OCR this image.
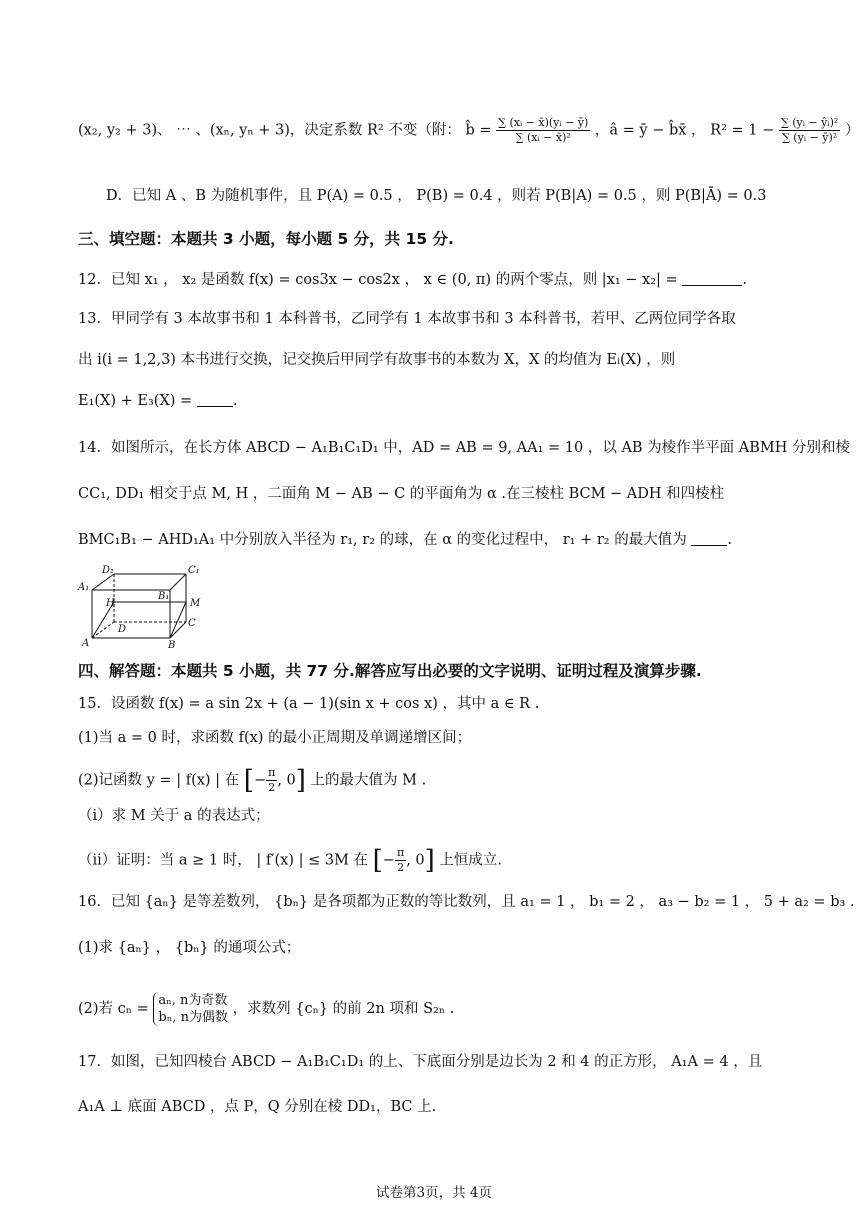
(x₂, y₂ + 3)、 ⋯ 、(xₙ, yₙ + 3)，决定系数 R² 不变（附： b̂ = $\frac{\text{∑ (xᵢ − x̄)(yᵢ − ȳ)}}{\text{∑ (xᵢ − x̄)²}}$ ，â = ȳ − b̂x̄ ， $R^2 = 1 - \frac{\text{∑ (yᵢ − ŷᵢ)²}}{\text{∑ (yᵢ − ȳ)²}}$ ）
D．已知 A 、B 为随机事件，且 P(A) = 0.5 ， P(B) = 0.4 ，则若 P(B|A) = 0.5 ，则 P(B|Ā) = 0.3
三、填空题：本题共 3 小题，每小题 5 分，共 15 分.
12．已知 x₁ ， x₂ 是函数 f(x) = cos3x − cos2x ， x ∈ (0, π) 的两个零点，则 |x₁ − x₂| =	.
13．甲同学有 3 本故事书和 1 本科普书，乙同学有 1 本故事书和 3 本科普书，若甲、乙两位同学各取
出 i(i = 1,2,3) 本书进行交换，记交换后甲同学有故事书的本数为 X，X 的均值为 Eᵢ(X) ，则
E₁(X) + E₃(X) =	.
14．如图所示，在长方体 ABCD − A₁B₁C₁D₁ 中，AD = AB = 9, AA₁ = 10 ，以 AB 为棱作半平面 ABMH 分别和棱
CC₁, DD₁ 相交于点 M, H ，二面角 M − AB − C 的平面角为 α .在三棱柱 BCM − ADH 和四棱柱
BMC₁B₁ − AHD₁A₁ 中分别放入半径为 r₁, r₂ 的球，在 α 的变化过程中， r₁ + r₂ 的最大值为	.
D₁	C₁
A₁
B₁
H	M
D
C
A	B
四、解答题：本题共 5 小题，共 77 分.解答应写出必要的文字说明、证明过程及演算步骤.
15．设函数 f(x) = a sin 2x + (a − 1)(sin x + cos x) ，其中 a ∈ R .
(1)当 a = 0 时，求函数 f(x) 的最小正周期及单调递增区间；
(2)记函数 y = | f(x) | 在 [− $\frac{\pi}{2}$ , 0] 上的最大值为 M .
（i）求 M 关于 a 的表达式；
（ii）证明：当 a ≥ 1 时， | f′(x) | ≤ 3M 在 [− $\frac{\pi}{2}$ , 0] 上恒成立.
16．已知 {aₙ} 是等差数列， {bₙ} 是各项都为正数的等比数列，且 a₁ = 1 ， b₁ = 2 ， a₃ − b₂ = 1 ， 5 + a₂ = b₃ .
(1)求 {aₙ} ， {bₙ} 的通项公式；
(2)若 cₙ =
aₙ, n为奇数
bₙ, n为偶数
，求数列 {cₙ} 的前 2n 项和 S₂ₙ .
17．如图，已知四棱台 ABCD − A₁B₁C₁D₁ 的上、下底面分别是边长为 2 和 4 的正方形， A₁A = 4 ，且
A₁A ⊥ 底面 ABCD ，点 P，Q 分别在棱 DD₁，BC 上.
试卷第3页，共 4页
